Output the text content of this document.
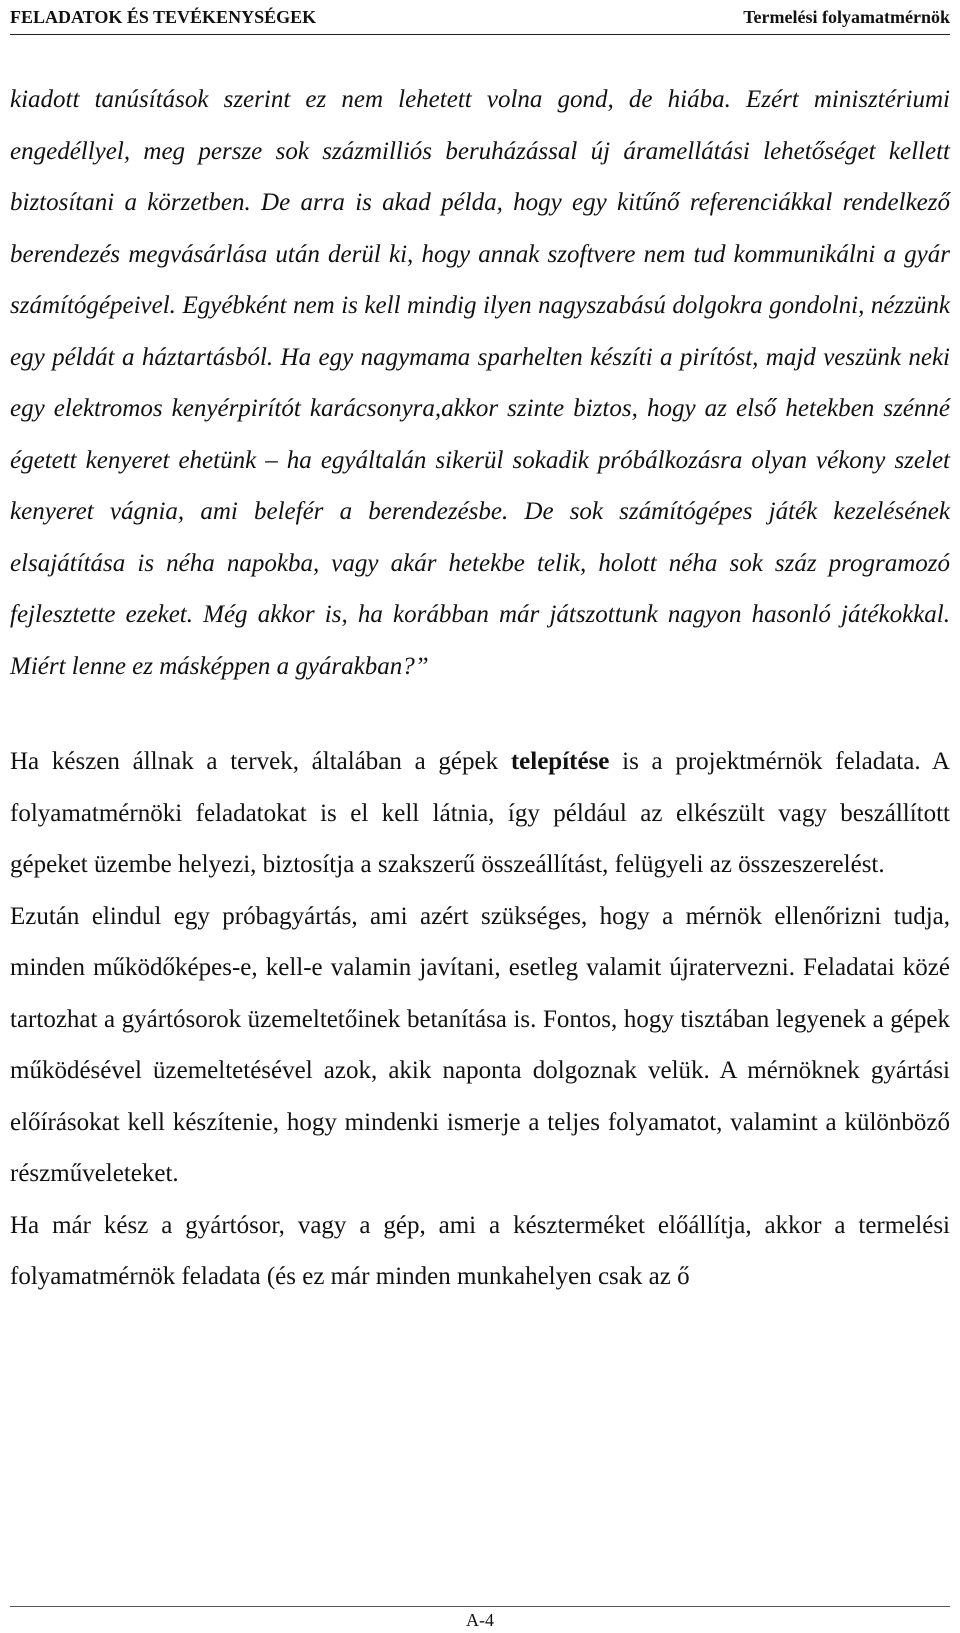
FELADATOK ÉS TEVÉKENYSÉGEK	Termelési folyamatmérnök

kiadott tanúsítások szerint ez nem lehetett volna gond, de hiába. Ezért minisztériumi engedéllyel, meg persze sok százmilliós beruházással új áramellátási lehetőséget kellett biztosítani a körzetben. De arra is akad példa, hogy egy kitűnő referenciákkal rendelkező berendezés megvásárlása után derül ki, hogy annak szoftvere nem tud kommunikálni a gyár számítógépeivel. Egyébként nem is kell mindig ilyen nagyszabású dolgokra gondolni, nézzünk egy példát a háztartásból. Ha egy nagymama sparhelten készíti a pirítóst, majd veszünk neki egy elektromos kenyérpirítót karácsonyra,akkor szinte biztos, hogy az első hetekben szénné égetett kenyeret ehetünk – ha egyáltalán sikerül sokadik próbálkozásra olyan vékony szelet kenyeret vágnia, ami belefér a berendezésbe. De sok számítógépes játék kezelésének elsajátítása is néha napokba, vagy akár hetekbe telik, holott néha sok száz programozó fejlesztette ezeket. Még akkor is, ha korábban már játszottunk nagyon hasonló játékokkal. Miért lenne ez másképpen a gyárakban?”

Ha készen állnak a tervek, általában a gépek telepítése is a projektmérnök feladata. A folyamatmérnöki feladatokat is el kell látnia, így például az elkészült vagy beszállított gépeket üzembe helyezi, biztosítja a szakszerű összeállítást, felügyeli az összeszerelést.

Ezután elindul egy próbagyártás, ami azért szükséges, hogy a mérnök ellenőrizni tudja, minden működőképes-e, kell-e valamin javítani, esetleg valamit újratervezni. Feladatai közé tartozhat a gyártósorok üzemeltetőinek betanítása is. Fontos, hogy tisztában legyenek a gépek működésével üzemeltetésével azok, akik naponta dolgoznak velük. A mérnöknek gyártási előírásokat kell készítenie, hogy mindenki ismerje a teljes folyamatot, valamint a különböző részműveleteket.

Ha már kész a gyártósor, vagy a gép, ami a készterméket előállítja, akkor a termelési folyamatmérnök feladata (és ez már minden munkahelyen csak az ő

A-4
